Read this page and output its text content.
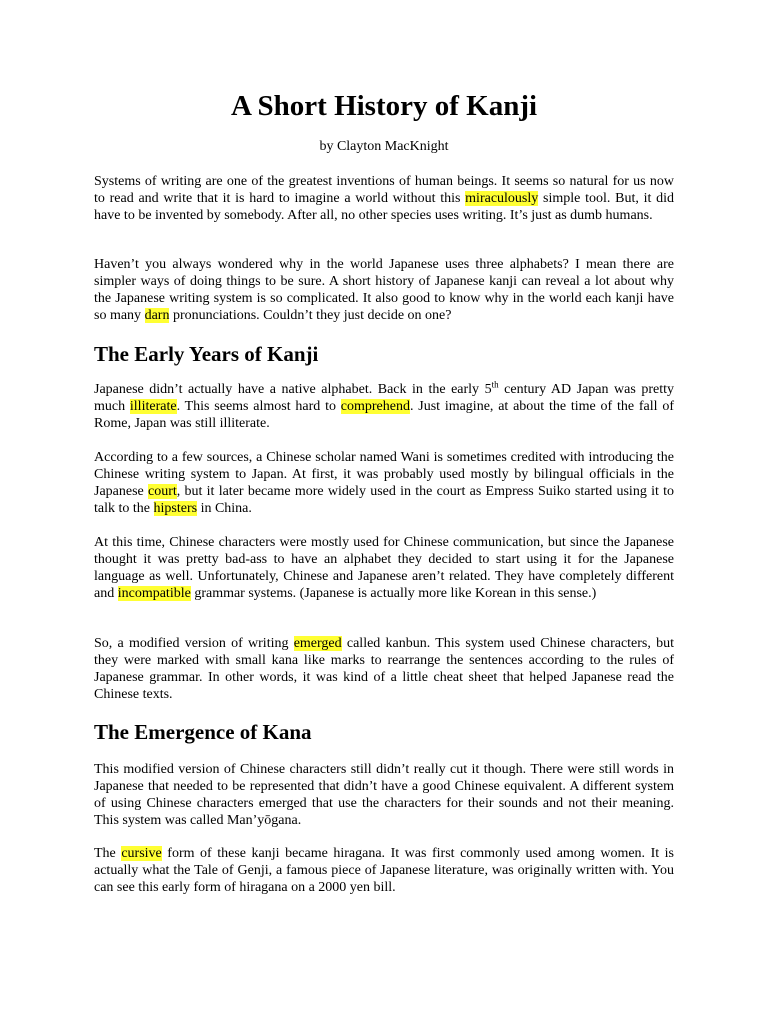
A Short History of Kanji
by Clayton MacKnight

Systems of writing are one of the greatest inventions of human beings. It seems so natural for us now to read and write that it is hard to imagine a world without this miraculously simple tool. But, it did have to be invented by somebody. After all, no other species uses writing. It’s just as dumb humans.

Haven’t you always wondered why in the world Japanese uses three alphabets? I mean there are simpler ways of doing things to be sure. A short history of Japanese kanji can reveal a lot about why the Japanese writing system is so complicated. It also good to know why in the world each kanji have so many darn pronunciations. Couldn’t they just decide on one?

The Early Years of Kanji

Japanese didn’t actually have a native alphabet. Back in the early 5th century AD Japan was pretty much illiterate. This seems almost hard to comprehend. Just imagine, at about the time of the fall of Rome, Japan was still illiterate.

According to a few sources, a Chinese scholar named Wani is sometimes credited with introducing the Chinese writing system to Japan. At first, it was probably used mostly by bilingual officials in the Japanese court, but it later became more widely used in the court as Empress Suiko started using it to talk to the hipsters in China.

At this time, Chinese characters were mostly used for Chinese communication, but since the Japanese thought it was pretty bad-ass to have an alphabet they decided to start using it for the Japanese language as well. Unfortunately, Chinese and Japanese aren’t related. They have completely different and incompatible grammar systems. (Japanese is actually more like Korean in this sense.)

So, a modified version of writing emerged called kanbun. This system used Chinese characters, but they were marked with small kana like marks to rearrange the sentences according to the rules of Japanese grammar. In other words, it was kind of a little cheat sheet that helped Japanese read the Chinese texts.

The Emergence of Kana

This modified version of Chinese characters still didn’t really cut it though. There were still words in Japanese that needed to be represented that didn’t have a good Chinese equivalent. A different system of using Chinese characters emerged that use the characters for their sounds and not their meaning. This system was called Man’yōgana.

The cursive form of these kanji became hiragana. It was first commonly used among women. It is actually what the Tale of Genji, a famous piece of Japanese literature, was originally written with. You can see this early form of hiragana on a 2000 yen bill.
